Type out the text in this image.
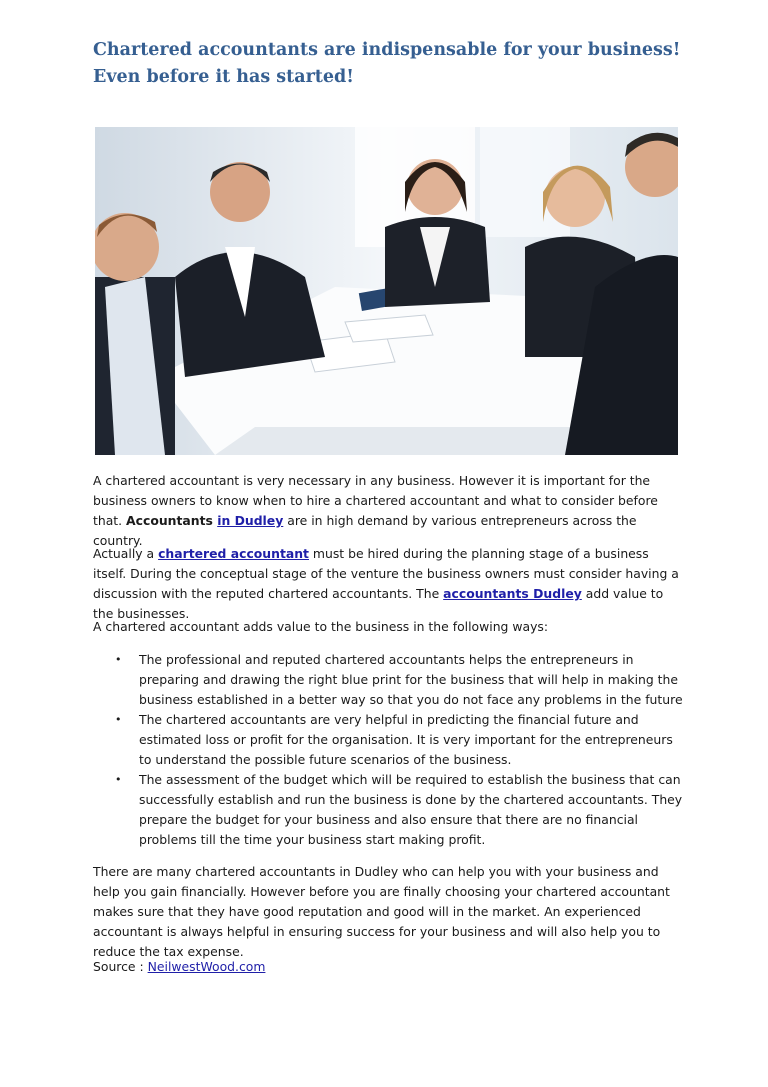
Chartered accountants are indispensable for your business! Even before it has started!

A chartered accountant is very necessary in any business. However it is important for the business owners to know when to hire a chartered accountant and what to consider before that. Accountants in Dudley are in high demand by various entrepreneurs across the country.

Actually a chartered accountant must be hired during the planning stage of a business itself. During the conceptual stage of the venture the business owners must consider having a discussion with the reputed chartered accountants. The accountants Dudley add value to the businesses.

A chartered accountant adds value to the business in the following ways:

• The professional and reputed chartered accountants helps the entrepreneurs in preparing and drawing the right blue print for the business that will help in making the business established in a better way so that you do not face any problems in the future
• The chartered accountants are very helpful in predicting the financial future and estimated loss or profit for the organisation. It is very important for the entrepreneurs to understand the possible future scenarios of the business.
• The assessment of the budget which will be required to establish the business that can successfully establish and run the business is done by the chartered accountants. They prepare the budget for your business and also ensure that there are no financial problems till the time your business start making profit.

There are many chartered accountants in Dudley who can help you with your business and help you gain financially. However before you are finally choosing your chartered accountant makes sure that they have good reputation and good will in the market. An experienced accountant is always helpful in ensuring success for your business and will also help you to reduce the tax expense.

Source : NeilwestWood.com
